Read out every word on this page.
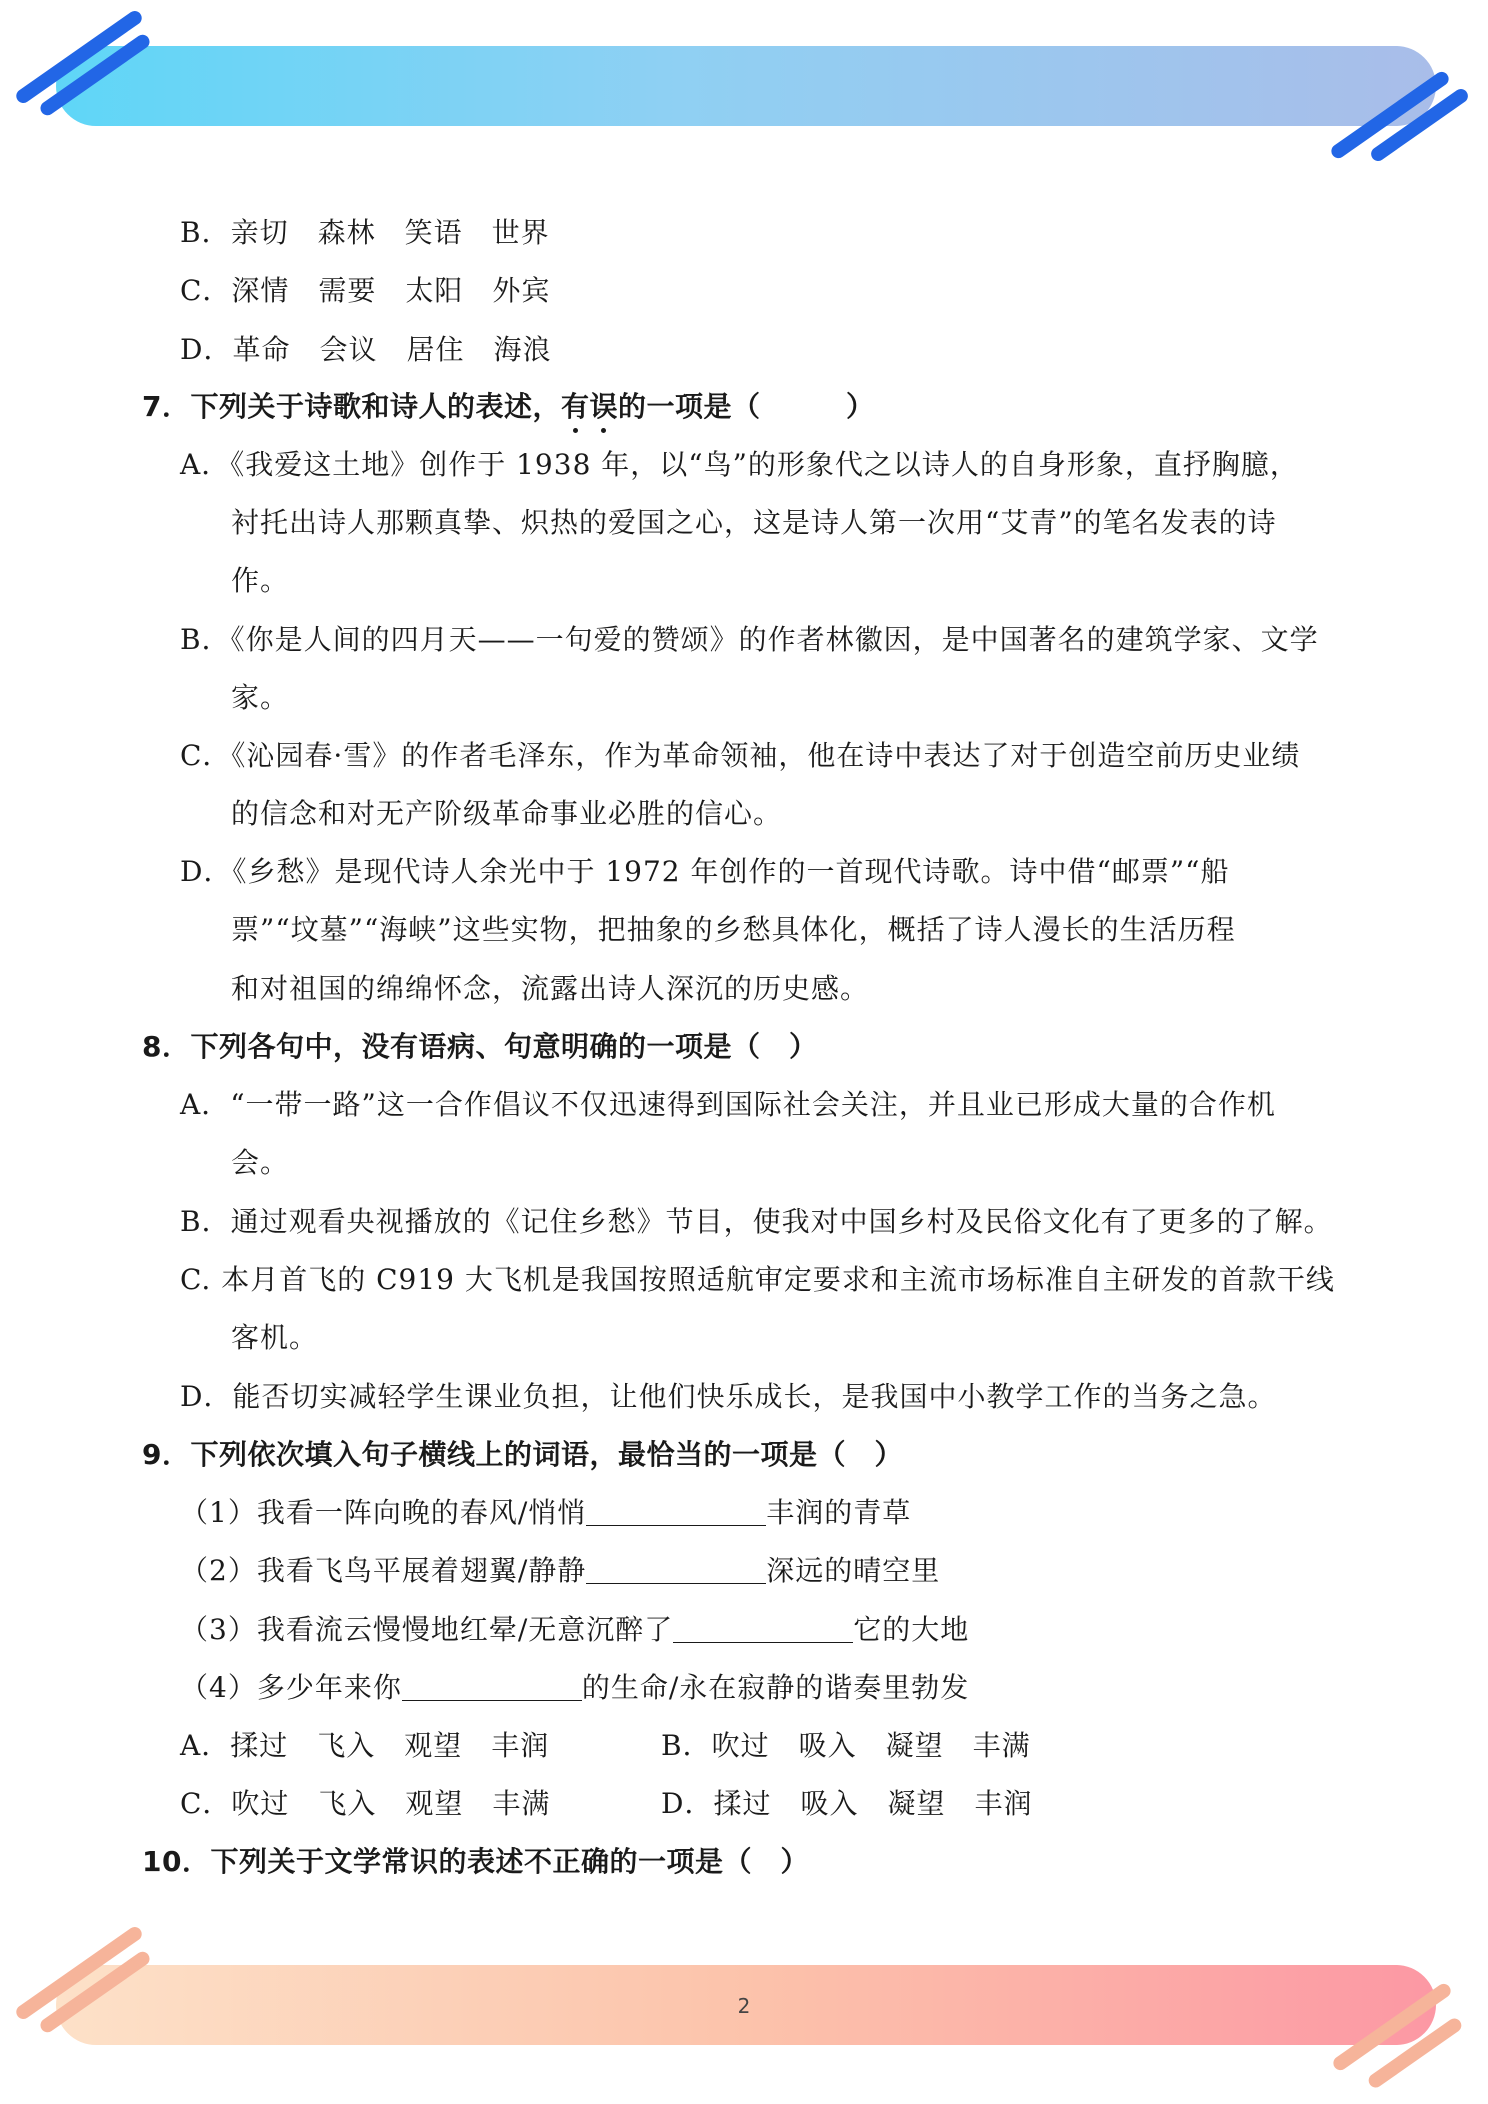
2
B．亲切　森林　笑语　世界
C．深情　需要　太阳　外宾
D．革命　会议　居住　海浪
7．下列关于诗歌和诗人的表述，有误的一项是（　　　）
A．《我爱这土地》创作于 1938 年，以“鸟”的形象代之以诗人的自身形象，直抒胸臆，
衬托出诗人那颗真挚、炽热的爱国之心，这是诗人第一次用“艾青”的笔名发表的诗
作。
B．《你是人间的四月天——一句爱的赞颂》的作者林徽因，是中国著名的建筑学家、文学
家。
C．《沁园春·雪》的作者毛泽东，作为革命领袖，他在诗中表达了对于创造空前历史业绩
的信念和对无产阶级革命事业必胜的信心。
D．《乡愁》是现代诗人余光中于 1972 年创作的一首现代诗歌。诗中借“邮票”“船
票”“坟墓”“海峡”这些实物，把抽象的乡愁具体化，概括了诗人漫长的生活历程
和对祖国的绵绵怀念，流露出诗人深沉的历史感。
8．下列各句中，没有语病、句意明确的一项是（　）
A．“一带一路”这一合作倡议不仅迅速得到国际社会关注，并且业已形成大量的合作机
会。
B．通过观看央视播放的《记住乡愁》节目，使我对中国乡村及民俗文化有了更多的了解。
C. 本月首飞的 C919 大飞机是我国按照适航审定要求和主流市场标准自主研发的首款干线
客机。
D．能否切实减轻学生课业负担，让他们快乐成长，是我国中小教学工作的当务之急。
9．下列依次填入句子横线上的词语，最恰当的一项是（　）
（1）我看一阵向晚的春风/悄悄	丰润的青草
（2）我看飞鸟平展着翅翼/静静	深远的晴空里
（3）我看流云慢慢地红晕/无意沉醉了	它的大地
（4）多少年来你	的生命/永在寂静的谐奏里勃发
A．揉过　飞入　观望　丰润	B．吹过　吸入　凝望　丰满
C．吹过　飞入　观望　丰满	D．揉过　吸入　凝望　丰润
10．下列关于文学常识的表述不正确的一项是（　）
